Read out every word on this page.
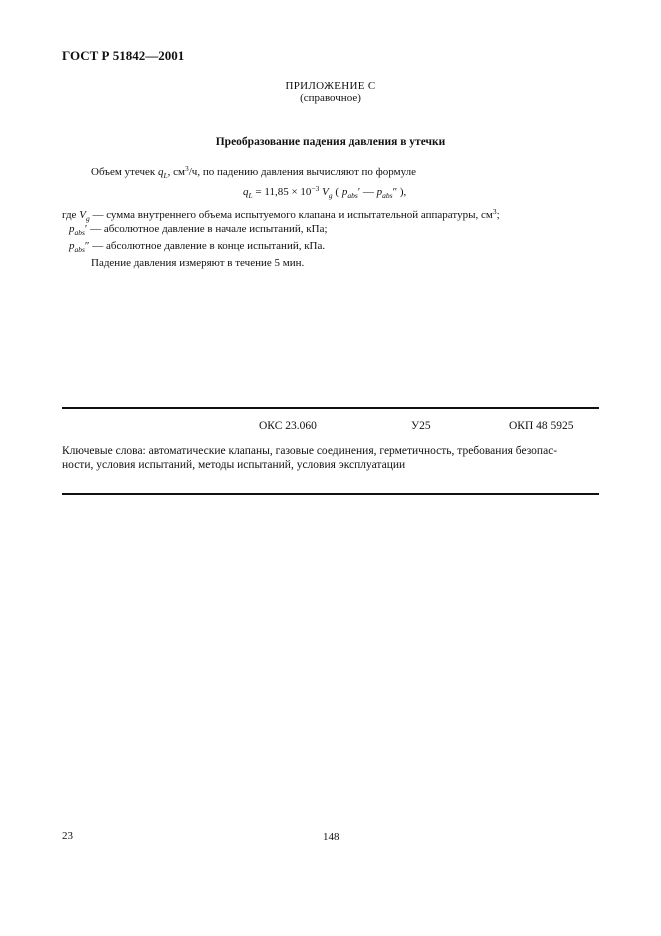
ГОСТ Р 51842—2001
ПРИЛОЖЕНИЕ С
(справочное)
Преобразование падения давления в утечки
Объем утечек $q_L$, $см^3/ч$, по падению давления вычисляют по формуле
$q_L = 11,85 \times 10^{-3}$ $V_g$ ( $p_{abs}'$ — $p_{abs}''$ ),
где $V_g$ — сумма внутреннего объема испытуемого клапана и испытательной аппаратуры, $см^3$;
$p_{abs}'$ — абсолютное давление в начале испытаний, кПа;
$p_{abs}''$ — абсолютное давление в конце испытаний, кПа.
Падение давления измеряют в течение 5 мин.
ОКС 23.060	У25	ОКП 48 5925
Ключевые слова: автоматические клапаны, газовые соединения, герметичность, требования безопас-
ности, условия испытаний, методы испытаний, условия эксплуатации
23	148
